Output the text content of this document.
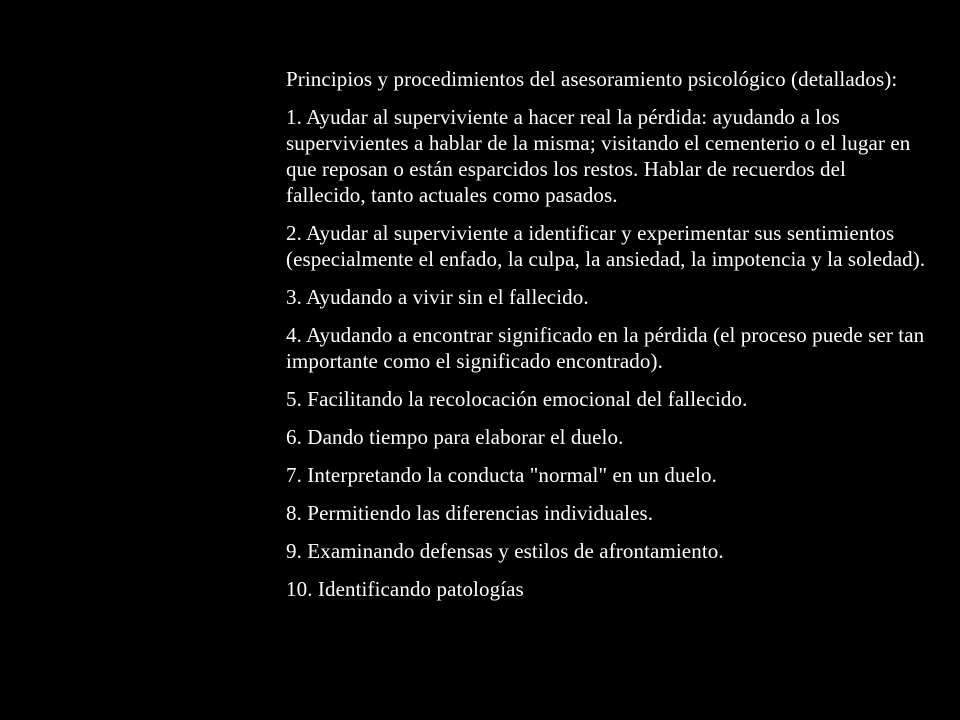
Principios y procedimientos del asesoramiento psicológico (detallados):

1. Ayudar al superviviente a hacer real la pérdida: ayudando a los supervivientes a hablar de la misma; visitando el cementerio o el lugar en que reposan o están esparcidos los restos. Hablar de recuerdos del fallecido, tanto actuales como pasados.

2. Ayudar al superviviente a identificar y experimentar sus sentimientos (especialmente el enfado, la culpa, la ansiedad, la impotencia y la soledad).

3. Ayudando a vivir sin el fallecido.

4. Ayudando a encontrar significado en la pérdida (el proceso puede ser tan importante como el significado encontrado).

5. Facilitando la recolocación emocional del fallecido.

6. Dando tiempo para elaborar el duelo.

7. Interpretando la conducta "normal" en un duelo.

8. Permitiendo las diferencias individuales.

9. Examinando defensas y estilos de afrontamiento.

10. Identificando patologías
